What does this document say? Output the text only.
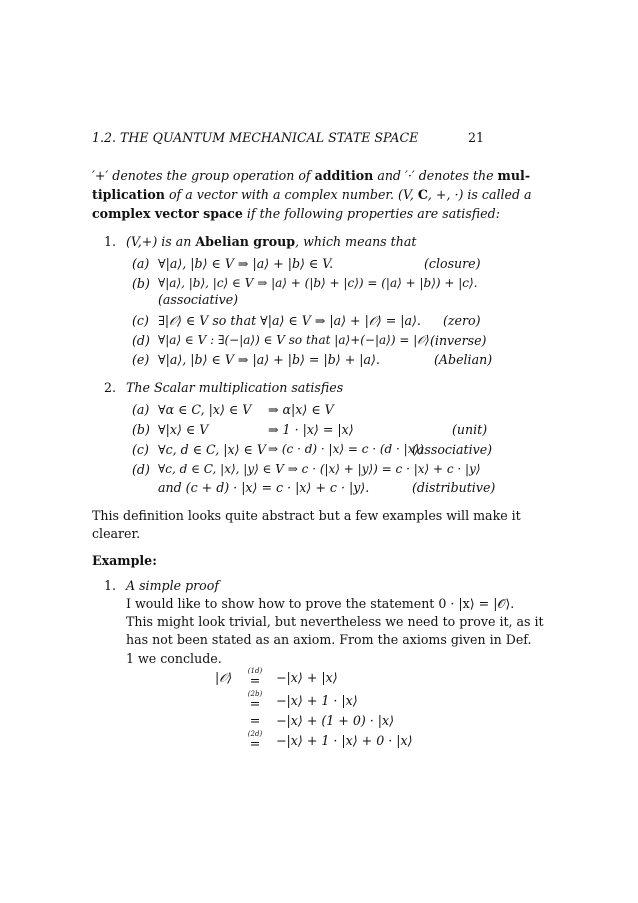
1.2. THE QUANTUM MECHANICAL STATE SPACE	21
′+′ denotes the group operation of addition and ′·′ denotes the mul-
tiplication of a vector with a complex number. (V, C, +, ·) is called a
complex vector space if the following properties are satisfied:
1. (V,+) is an Abelian group, which means that
(a) ∀|a⟩, |b⟩ ∈ V ⇒ |a⟩ + |b⟩ ∈ V.	(closure)
(b) ∀|a⟩, |b⟩, |c⟩ ∈ V ⇒ |a⟩ + (|b⟩ + |c⟩) = (|a⟩ + |b⟩) + |c⟩.
(associative)
(c) ∃|𝒪⟩ ∈ V so that ∀|a⟩ ∈ V ⇒ |a⟩ + |𝒪⟩ = |a⟩. (zero)
(d) ∀|a⟩ ∈ V : ∃(−|a⟩) ∈ V so that |a⟩+(−|a⟩) = |𝒪⟩.
(inverse)
(e) ∀|a⟩, |b⟩ ∈ V ⇒ |a⟩ + |b⟩ = |b⟩ + |a⟩.	(Abelian)
2. The Scalar multiplication satisfies
(a) ∀α ∈ C, |x⟩ ∈ V ⇒ α|x⟩ ∈ V
(b) ∀|x⟩ ∈ V	⇒ 1 · |x⟩ = |x⟩	(unit)
(c) ∀c, d ∈ C, |x⟩ ∈ V ⇒ (c · d) · |x⟩ = c · (d · |x⟩)
(associative)
(d) ∀c, d ∈ C, |x⟩, |y⟩ ∈ V ⇒ c · (|x⟩ + |y⟩) = c · |x⟩ + c · |y⟩
and (c + d) · |x⟩ = c · |x⟩ + c · |y⟩.	(distributive)
This definition looks quite abstract but a few examples will make it
clearer.
Example:
1. A simple proof
I would like to show how to prove the statement 0 · |x⟩ = |𝒪⟩.
This might look trivial, but nevertheless we need to prove it, as it
has not been stated as an axiom. From the axioms given in Def.
1 we conclude.
|𝒪⟩	(1d)
=	−|x⟩ + |x⟩
(2b)
=	−|x⟩ + 1 · |x⟩
=	−|x⟩ + (1 + 0) · |x⟩
(2d)
=	−|x⟩ + 1 · |x⟩ + 0 · |x⟩
